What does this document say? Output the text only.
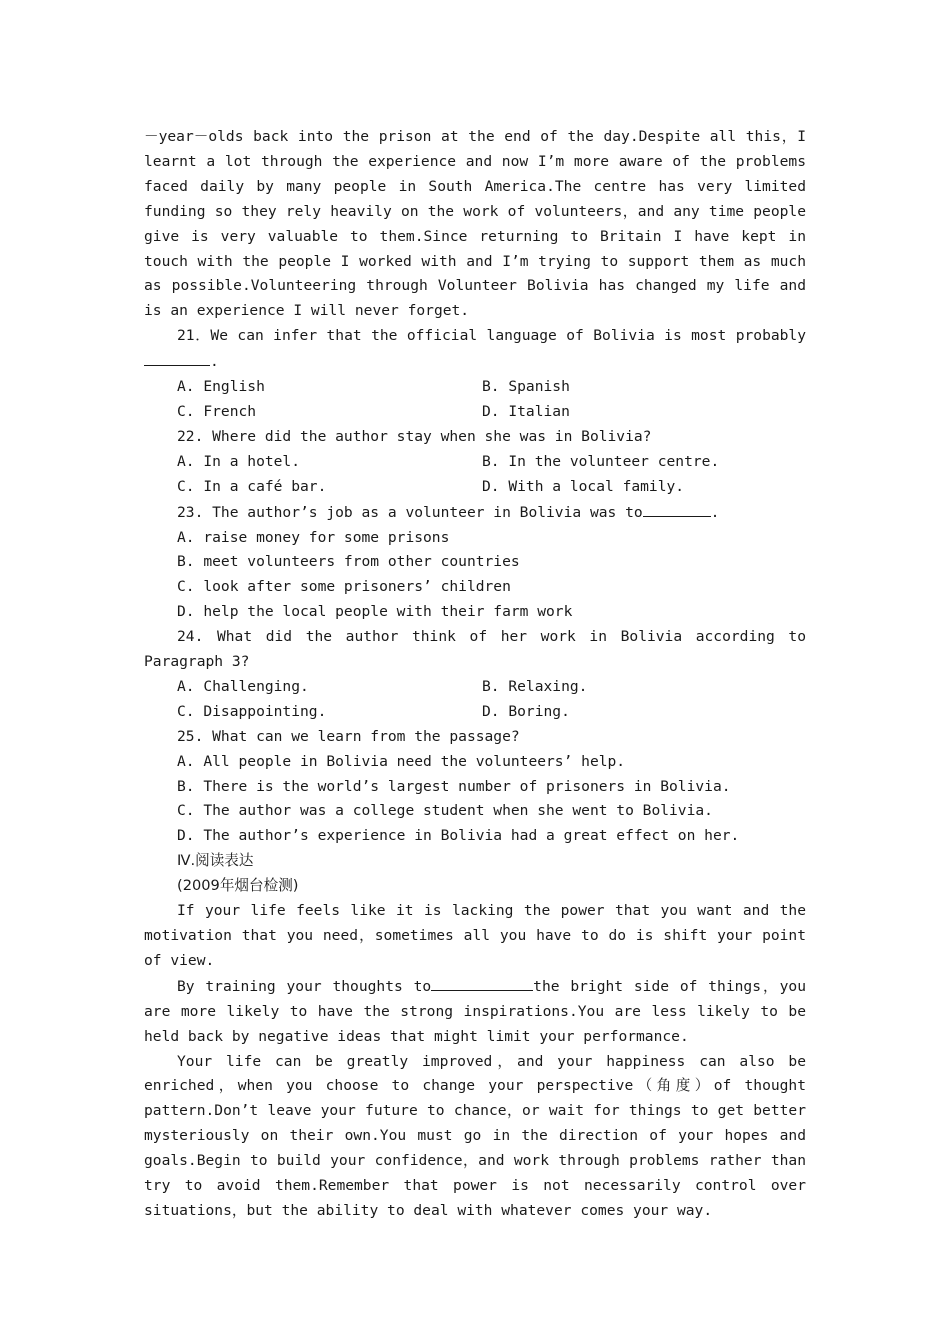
－year－olds back into the prison at the end of the day.Despite all this，I learnt a lot through the experience and now I’m more aware of the problems faced daily by many people in South America.The centre has very limited funding so they rely heavily on the work of volunteers，and any time people give is very valuable to them.Since returning to Britain I have kept in touch with the people I worked with and I’m trying to support them as much as possible.Volunteering through Volunteer Bolivia has changed my life and is an experience I will never forget.

21．We can infer that the official language of Bolivia is most probably.

A. English	B. Spanish
C. French	D. Italian

22. Where did the author stay when she was in Bolivia?

A. In a hotel.	B. In the volunteer centre.
C. In a café bar.	D. With a local family.

23. The author’s job as a volunteer in Bolivia was to	.

A. raise money for some prisons

B. meet volunteers from other countries

C. look after some prisoners’ children

D. help the local people with their farm work

24. What did the author think of her work in Bolivia according to Paragraph 3?

A. Challenging.	B. Relaxing.
C. Disappointing.	D. Boring.

25. What can we learn from the passage?

A. All people in Bolivia need the volunteers’ help.

B. There is the world’s largest number of prisoners in Bolivia.

C. The author was a college student when she went to Bolivia.

D. The author’s experience in Bolivia had a great effect on her.

Ⅳ.阅读表达

(2009年烟台检测)

If your life feels like it is lacking the power that you want and the motivation that you need，sometimes all you have to do is shift your point of view.

By training your thoughts to	the bright side of things，you are more likely to have the strong inspirations.You are less likely to be held back by negative ideas that might limit your performance.

Your life can be greatly improved，and your happiness can also be enriched，when you choose to change your perspective（角度）of thought pattern.Don’t leave your future to chance，or wait for things to get better mysteriously on their own.You must go in the direction of your hopes and goals.Begin to build your confidence，and work through problems rather than try to avoid them.Remember that power is not necessarily control over situations，but the ability to deal with whatever comes your way.
